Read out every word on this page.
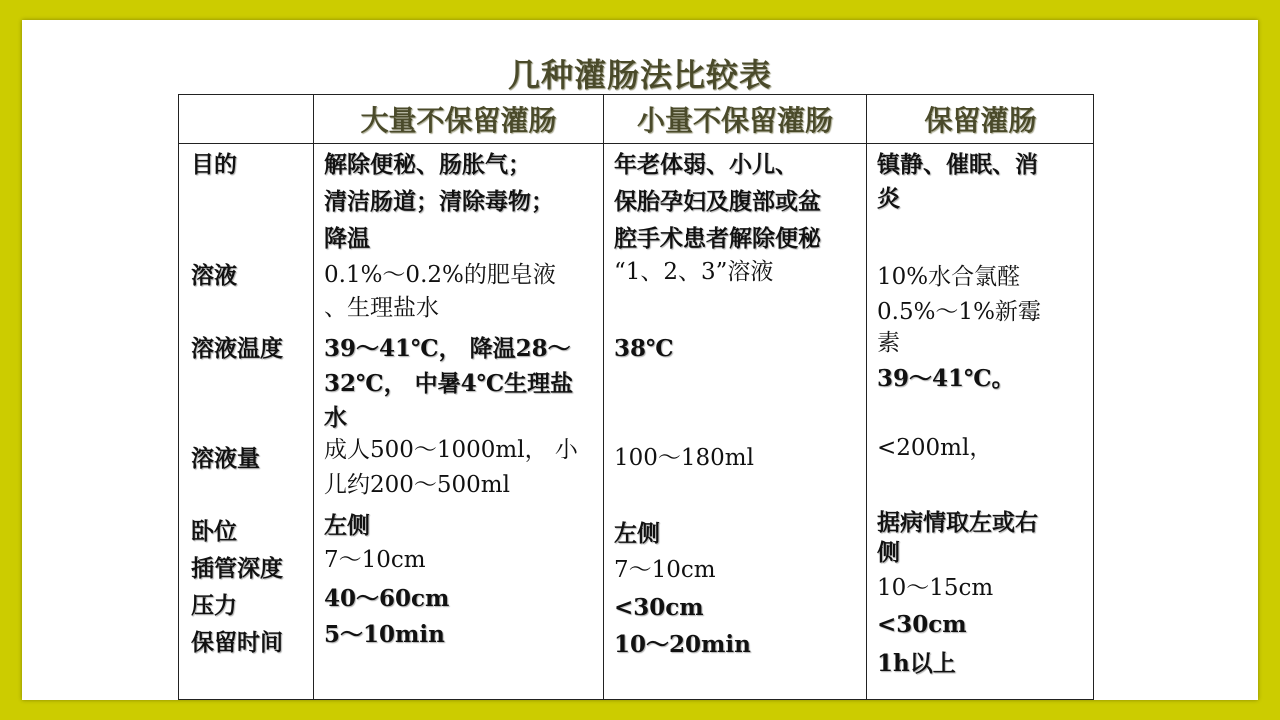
几种灌肠法比较表
大量不保留灌肠	小量不保留灌肠	保留灌肠
目的
溶液
溶液温度
溶液量
卧位
插管深度
压力
保留时间
解除便秘、肠胀气；
清洁肠道；清除毒物；
降温
0.1%～0.2%的肥皂液
、生理盐水
39～41℃， 降温28～
32℃， 中暑4℃生理盐
水
成人500～1000ml， 小
儿约200～500ml
左侧
7～10cm
40～60cm
5～10min
年老体弱、小儿、
保胎孕妇及腹部或盆
腔手术患者解除便秘
“1、2、3”溶液
38℃
100～180ml
左侧
7～10cm
<30cm
10～20min
镇静、催眠、消
炎
10%水合氯醛
0.5%～1%新霉
素
39～41℃。
<200ml，
据病情取左或右
侧
10～15cm
<30cm
1h以上
